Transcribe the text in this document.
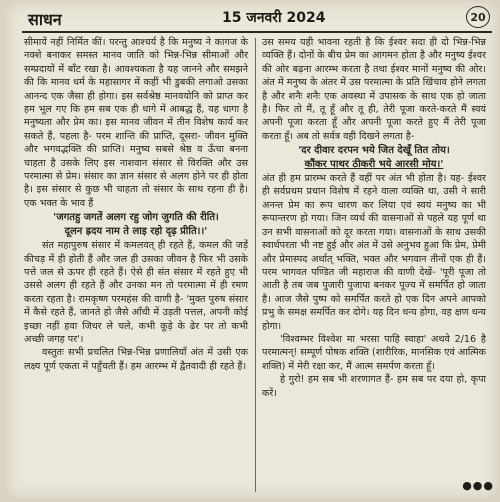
साधन	15 जनवरी 2024	20

सीमायें नहीं निर्मित कीं। परन्तु आश्चर्य है कि मनुष्य ने कागज के नक्शे बनाकर समस्त मानव जाति को भिन्न-भिन्न सीमाओं और सम्प्रदायों में बाँट रखा है। आवश्यकता है यह जानने और समझने की कि मानव धर्म के महासागर में कहीं भी डुबकी लगाओ उसका आनन्द एक जैसा ही होगा। इस सर्वश्रेष्ठ मानवयोनि को प्राप्त कर हम भूल गए कि हम सब एक ही धागे में आबद्ध हैं, यह धागा है मनुष्यता और प्रेम का। इस मानव जीवन में तीन विशेष कार्य कर सकते हैं, पहला है- परम शान्ति की प्राप्ति, दूसरा- जीवन मुक्ति और भगवद्भक्ति की प्राप्ति। मनुष्य सबसे श्रेष्ठ व ऊँचा बनना चाहता है उसके लिए इस नाशवान संसार से विरक्ति और उस परमात्मा से प्रेम। संसार का ज्ञान संसार से अलग होने पर ही होता है। इस संसार से कुछ भी चाहता तो संसार के साथ रहना ही है। एक भक्त के भाव हैं

'जगतहु जगतें अलग रहु जोग जुगति की रीति।
दूलन ह्रदय नाम ते लाइ रहो दृढ़ प्रीति।।'

संत महापुरुष संसार में कमलवत् ही रहते हैं, कमल की जड़ें कीचड़ में ही होती हैं और जल ही उसका जीवन है फिर भी उसके पत्ते जल से ऊपर ही रहते हैं। ऐसे ही संत संसार में रहते हुए भी उससे अलग ही रहते हैं और उनका मन तो परमात्मा में ही रमण करता रहता है। रामकृष्ण परमहंस की वाणी है- 'मुक्त पुरुष संसार में कैसे रहते हैं, जानते हो जैसे आँधी में उड़ती पत्तल, अपनी कोई इच्छा नहीं हवा जिधर ले चले, कभी कूड़े के ढेर पर तो कभी अच्छी जगह पर'।

वस्तुतः सभी प्रचलित भिन्न-भिन्न प्रणालियाँ अंत में उसी एक लक्ष्य पूर्ण एकता में पहुँचती हैं। हम आरम्भ में द्वैतवादी ही रहते हैं।

उस समय यही भावना रहती है कि ईश्वर सदा ही दो भिन्न-भिन्न व्यक्ति हैं। दोनों के बीच प्रेम का आगमन होता है और मनुष्य ईश्वर की ओर बढ़ना आरम्भ करता है तथा ईश्वर मानों मनुष्य की ओर। अंत में मनुष्य के अंतर में उस परमात्मा के प्रति खिंचाव होने लगता है और शनैः शनैः एक अवस्था में उपासक के साथ एक हो जाता है। फिर तो मैं, तू हूँ और तू ही, तेरी पूजा करते-करते मैं स्वयं अपनी पूजा करता हूँ और अपनी पूजा करते हुए मैं तेरी पूजा करता हूँ। अब तो सर्वत्र वही दिखने लगता है-

'दर दीवार दरपन भये जित देखूँ तित तोय।
कौंकर पाथर ठीकरी भये आरसी मोय।'

अंत ही हम प्रारम्भ करते हैं वहीं पर अंत भी होता है। यह- ईश्वर ही सर्वप्रथम प्रधान विशेष में रहने वाला व्यक्ति था, उसी ने सारी अनन्त प्रेम का रूप धारण कर लिया एवं स्वयं मनुष्य का भी रूपान्तरण हो गया। जिन व्यर्थ की वासनाओं से पहले यह पूर्ण था उन सभी वासनाओं को दूर करता गया। वासनाओं के साथ उसकी स्वार्थपरता भी नष्ट हुई और अंत में उसे अनुभव हुआ कि प्रेम, प्रेमी और प्रेमास्पद अर्थात् भक्ति, भक्त और भगवान तीनों एक ही हैं। परम भागवत पण्डित जी महाराज की वाणी देखें- 'पूरी पूजा तो आती है तब जब पुजारी पुजापा बनकर पूज्य में समर्पित हो जाता है। आज जैसे पुष्प को समर्पित करते हो एक दिन अपने आपको प्रभु के समक्ष समर्पित कर दोगे। यह दिन धन्य होगा, वह क्षण धन्य होगा।

'विश्वम्भर विश्वेश मा भरसा पाहि स्वाहा' अथवे 2/16 है परमात्मन्! सम्पूर्ण पोषक शक्ति (शारीरिक, मानसिक एवं आत्मिक शक्ति) में मेरी रक्षा कर, मैं आत्म समर्पण करता हूँ।

हे गुरो! हम सब भी शरणागत हैं- हम सब पर दया हो, कृपा करें।

●●●
